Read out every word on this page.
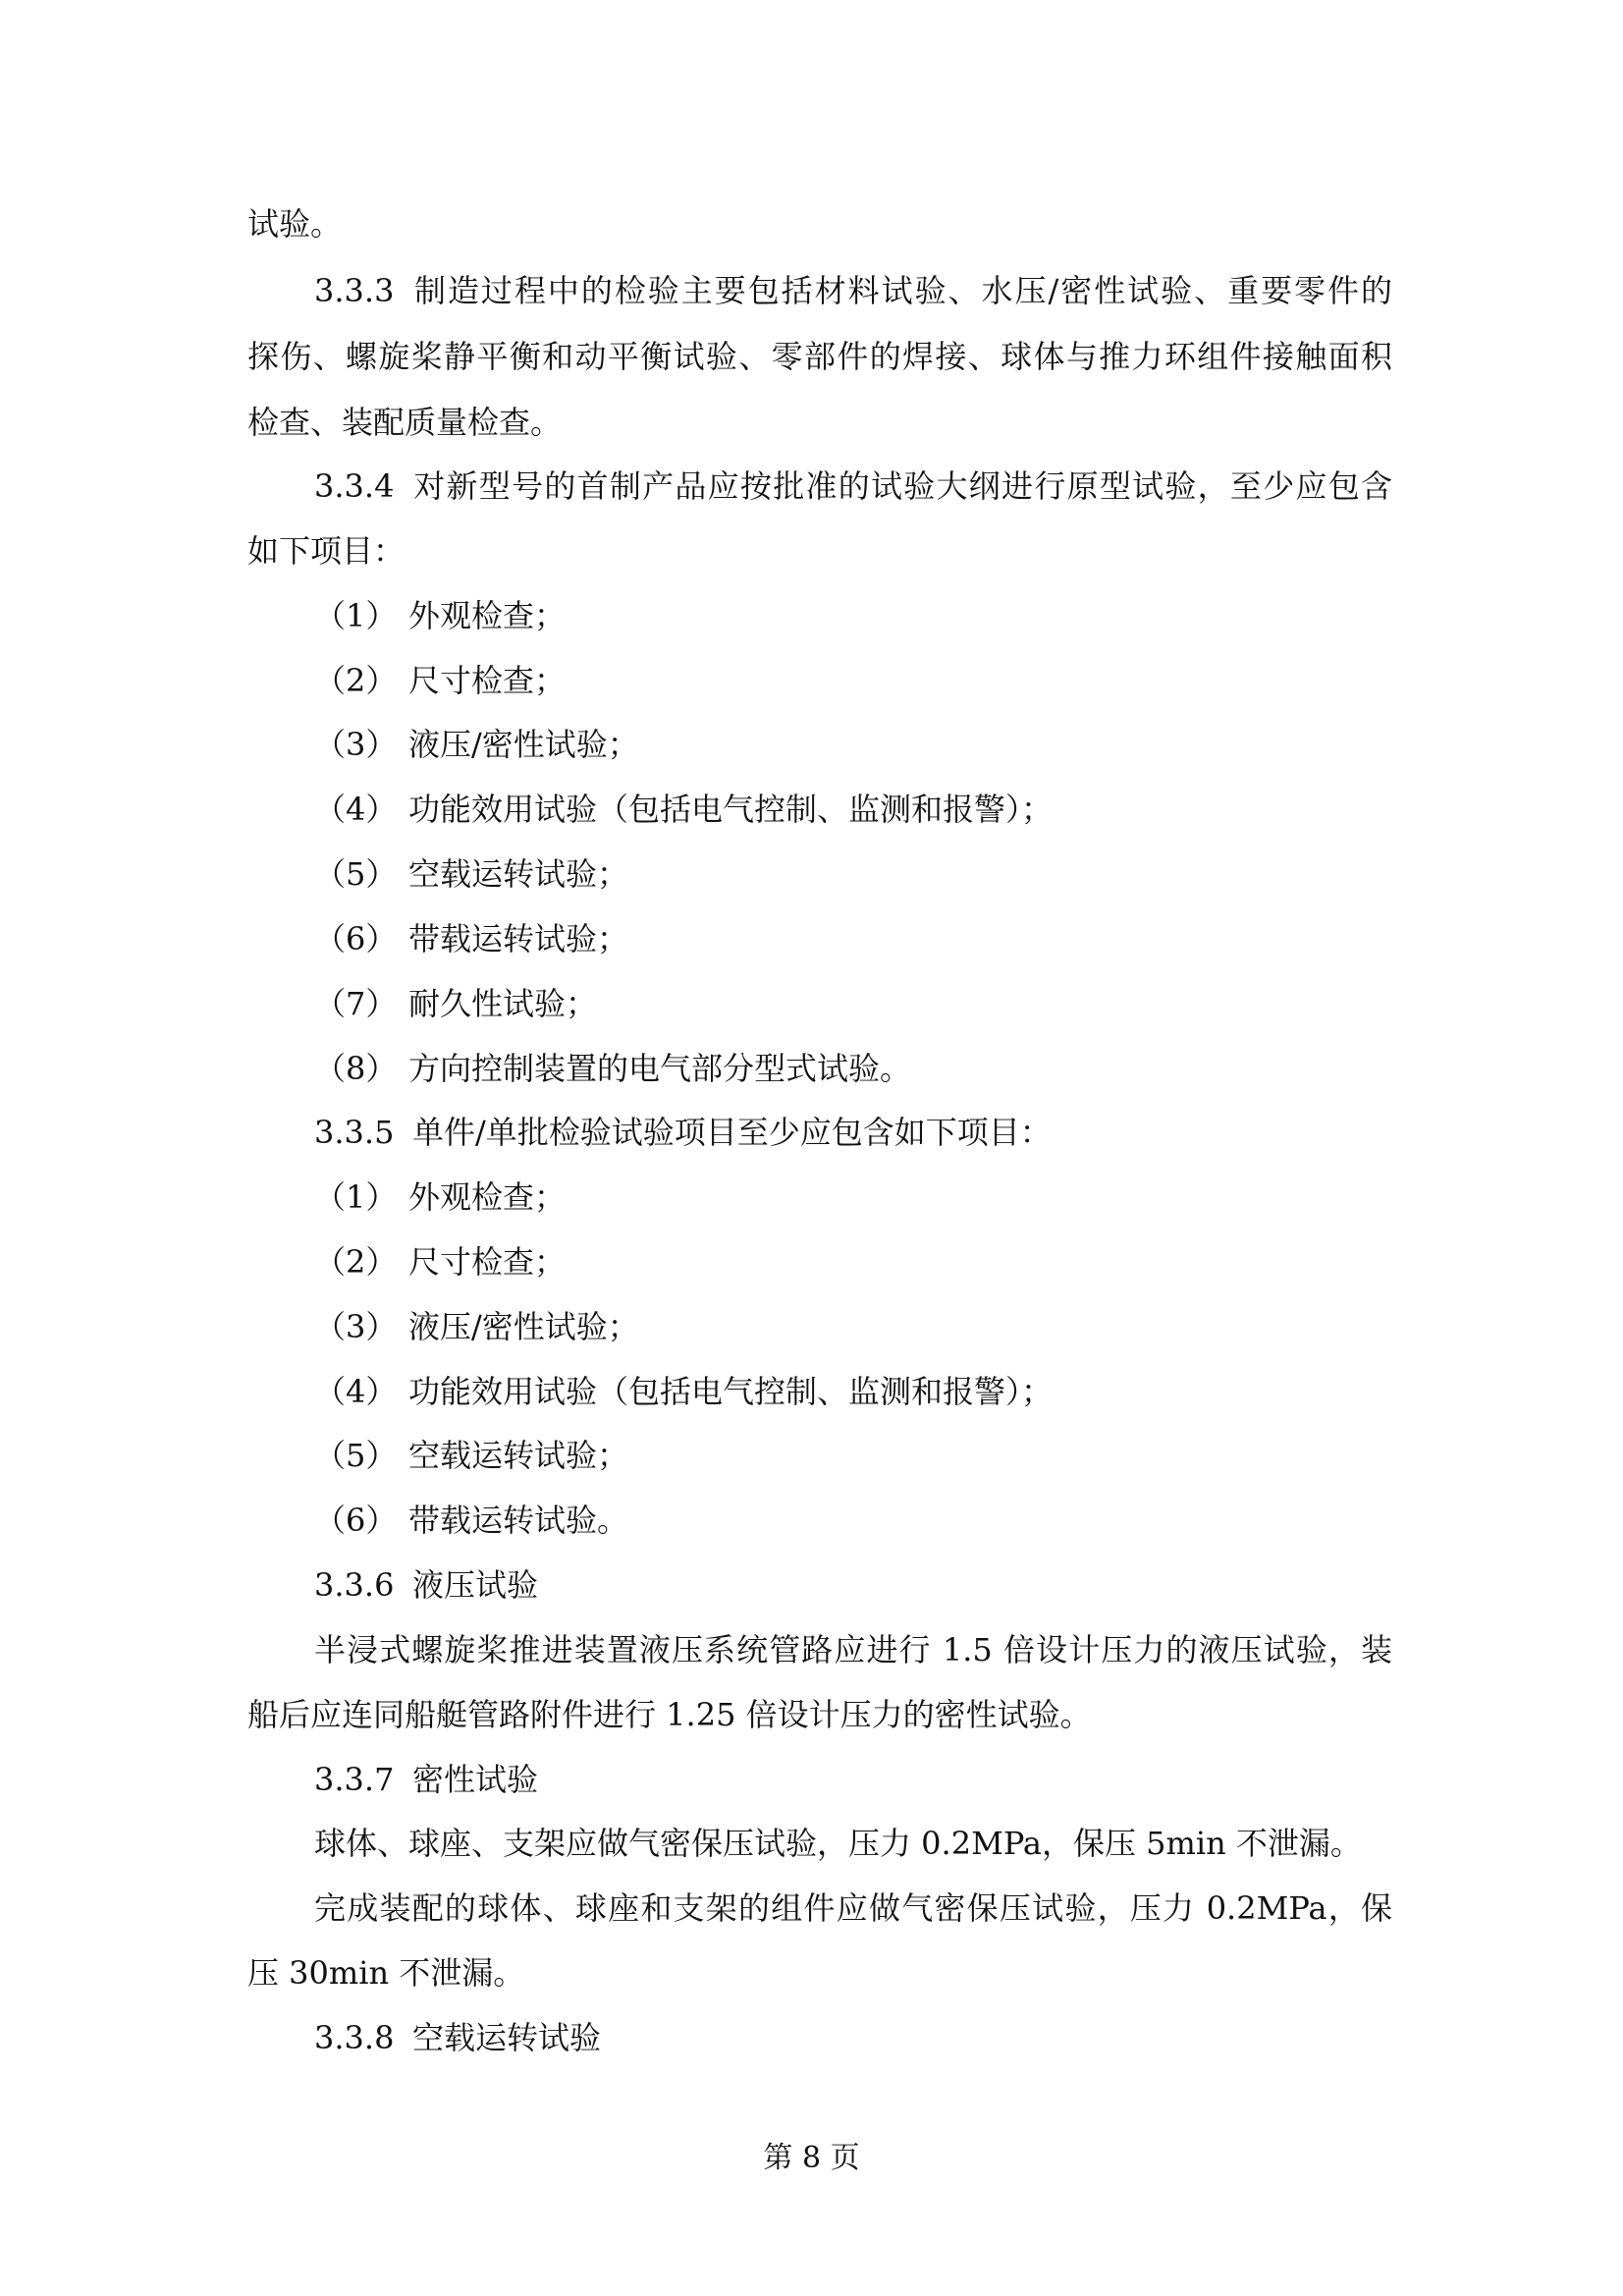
试验。
3.3.3 制造过程中的检验主要包括材料试验、水压/密性试验、重要零件的
探伤、螺旋桨静平衡和动平衡试验、零部件的焊接、球体与推力环组件接触面积
检查、装配质量检查。
3.3.4 对新型号的首制产品应按批准的试验大纲进行原型试验，至少应包含
如下项目：
（1） 外观检查；
（2） 尺寸检查；
（3） 液压/密性试验；
（4） 功能效用试验（包括电气控制、监测和报警）；
（5） 空载运转试验；
（6） 带载运转试验；
（7） 耐久性试验；
（8） 方向控制装置的电气部分型式试验。
3.3.5 单件/单批检验试验项目至少应包含如下项目：
（1） 外观检查；
（2） 尺寸检查；
（3） 液压/密性试验；
（4） 功能效用试验（包括电气控制、监测和报警）；
（5） 空载运转试验；
（6） 带载运转试验。
3.3.6 液压试验
半浸式螺旋桨推进装置液压系统管路应进行 1.5 倍设计压力的液压试验，装
船后应连同船艇管路附件进行 1.25 倍设计压力的密性试验。
3.3.7 密性试验
球体、球座、支架应做气密保压试验，压力 0.2MPa，保压 5min 不泄漏。
完成装配的球体、球座和支架的组件应做气密保压试验，压力 0.2MPa，保
压 30min 不泄漏。
3.3.8 空载运转试验
第 8 页
